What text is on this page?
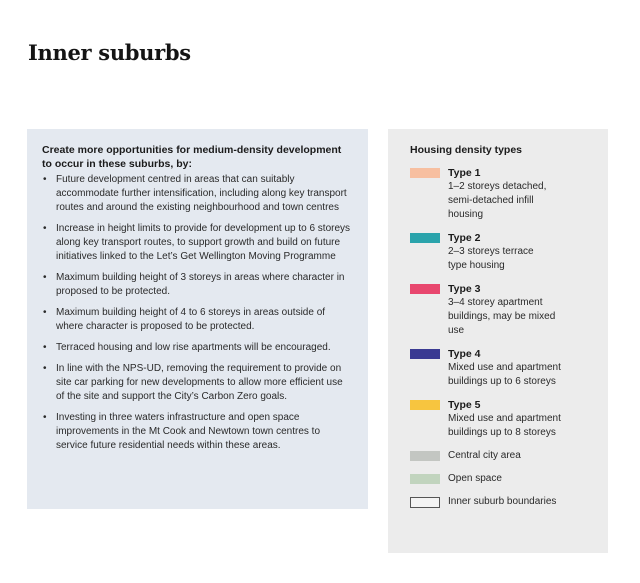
Inner suburbs

Create more opportunities for medium-density development to occur in these suburbs, by:

• Future development centred in areas that can suitably accommodate further intensification, including along key transport routes and around the existing neighbourhood and town centres
• Increase in height limits to provide for development up to 6 storeys along key transport routes, to support growth and build on future initiatives linked to the Let’s Get Wellington Moving Programme
• Maximum building height of 3 storeys in areas where character in proposed to be protected.
• Maximum building height of 4 to 6 storeys in areas outside of where character is proposed to be protected.
• Terraced housing and low rise apartments will be encouraged.
• In line with the NPS-UD, removing the requirement to provide on site car parking for new developments to allow more efficient use of the site and support the City’s Carbon Zero goals.
• Investing in three waters infrastructure and open space improvements in the Mt Cook and Newtown town centres to service future residential needs within these areas.

Housing density types

Type 1
1–2 storeys detached, semi-detached infill housing
Type 2
2–3 storeys terrace type housing
Type 3
3–4 storey apartment buildings, may be mixed use
Type 4
Mixed use and apartment buildings up to 6 storeys
Type 5
Mixed use and apartment buildings up to 8 storeys
Central city area
Open space
Inner suburb boundaries
